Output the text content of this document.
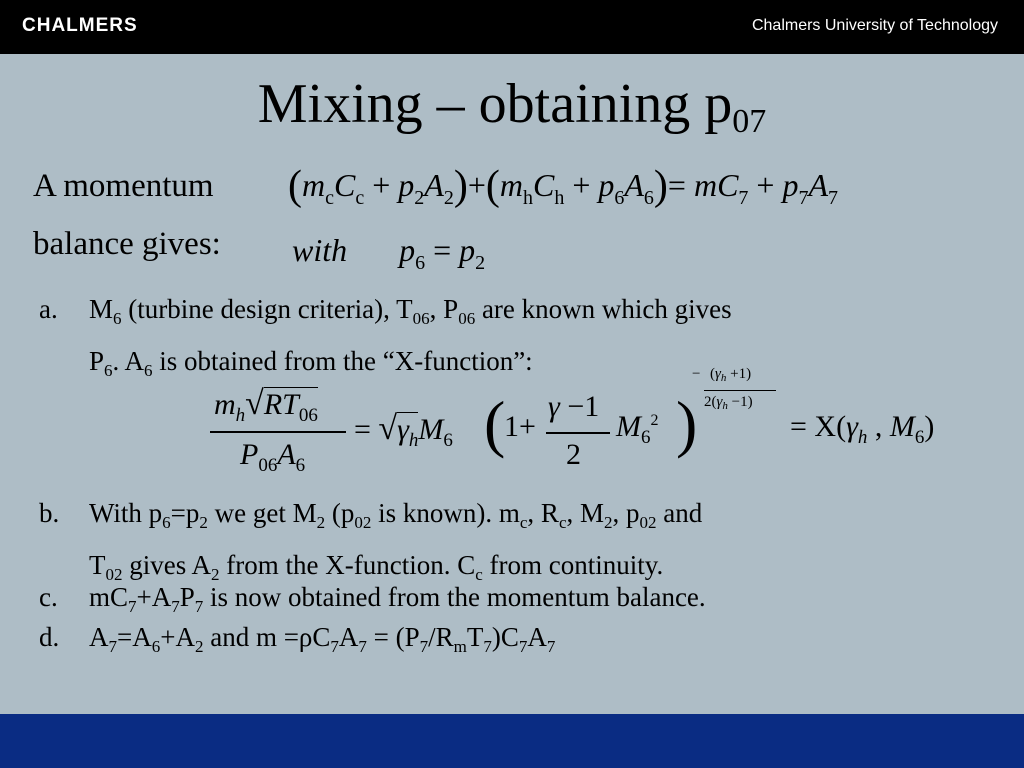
CHALMERS	Chalmers University of Technology
Mixing – obtaining $p_{07}$
A momentum
balance gives:
$(m_cC_c + p_2A_2)+(m_hC_h + p_6A_6)= mC_7 + p_7A_7$
with $p_6 = p_2$
a. $M_6$ (turbine design criteria), $T_{06}$, $P_{06}$ are known which gives
$P_6$. $A_6$ is obtained from the “X-function”:
$m_h√RT_{06}$
$P_{06}A_6$
= $√\gamma_hM_6$ (
1+
γ −1
2
$M_6^2$ )
− $(\gamma_h +1)$
$2(\gamma_h -1)$
= $X(\gamma_h$ , $M_6$)
b. With $p_6=p_2$ we get $M_2$ ($p_{02}$ is known). $m_c$, $R_c$, $M_2$, $p_{02}$ and
$T_{02}$ gives $A_2$ from the X-function. $C_c$ from continuity.
c. $mC_7+A_7P_7$ is now obtained from the momentum balance.
d. $A_7=A_6+A_2$ and $m =\rho C_7A_7 = (P_7/R_mT_7)C_7A_7$
